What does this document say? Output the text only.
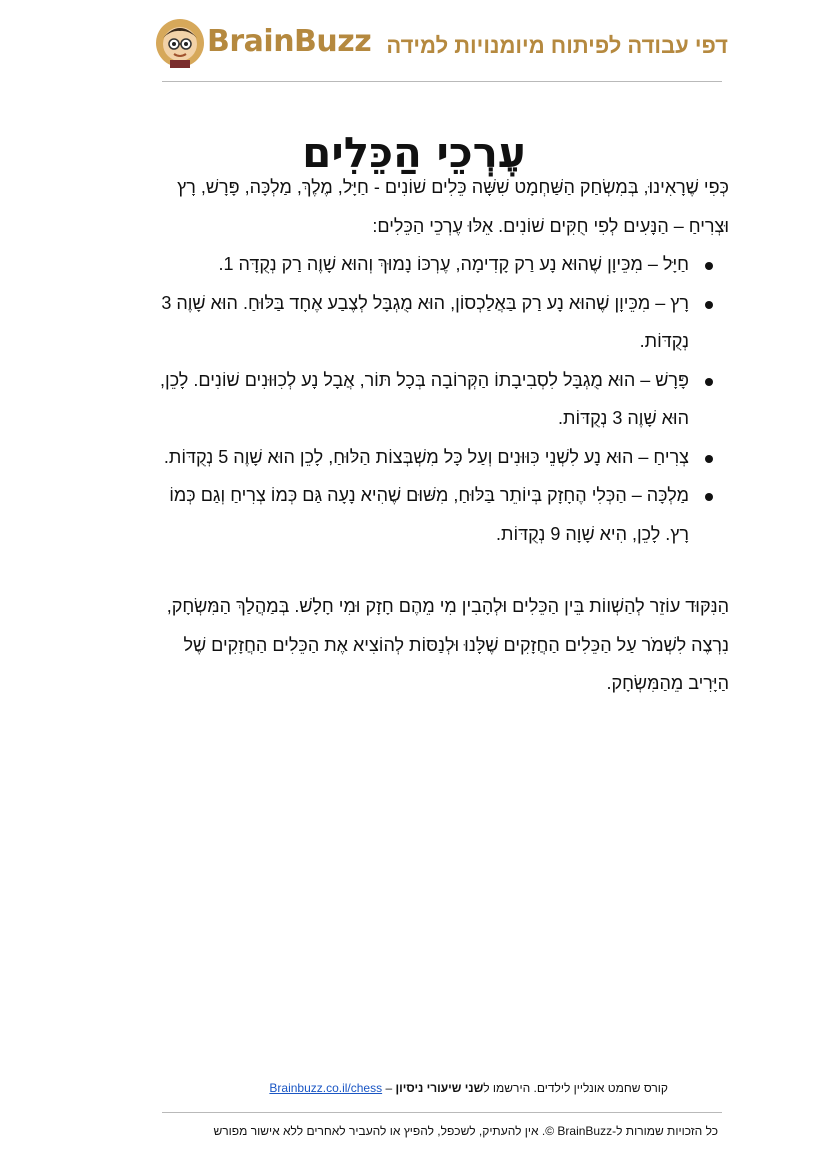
BrainBuzz דפי עבודה לפיתוח מיומנויות למידה
עֶרְכֵי הַכֵּלִים

כְּפִי שֶׁרָאִינוּ, בְּמִשְׂחַק הַשַּׁחְמָט שִׁשָּׁה כֵּלִים שׁוֹנִים - חַיָּל, מֶלֶךְ, מַלְכָּה, פָּרָשׁ, רָץ וּצְרִיחַ – הַנָּעִים לְפִי חֻקִּים שׁוֹנִים. אֵלּוּ עֶרְכֵי הַכֵּלִים:

חַיָּל – מִכֵּיוָן שֶׁהוּא נָע רַק קָדִימָה, עֶרְכּוֹ נָמוּךְ וְהוּא שָׁוֶה רַק נְקֻדָּה 1.
רָץ – מִכֵּיוָן שֶׁהוּא נָע רַק בַּאֲלַכְסוֹן, הוּא מֻגְבָּל לְצֶבַע אֶחָד בַּלּוּחַ. הוּא שָׁוֶה 3 נְקֻדּוֹת.
פָּרָשׁ – הוּא מֻגְבָּל לִסְבִיבָתוֹ הַקְּרוֹבָה בְּכָל תּוֹר, אֲבָל נָע לְכִוּוּנִים שׁוֹנִים. לָכֵן, הוּא שָׁוֶה 3 נְקֻדּוֹת.
צְרִיחַ – הוּא נָע לִשְׁנֵי כִּוּוּנִים וְעַל כָּל מִשְׁבְּצוֹת הַלּוּחַ, לָכֵן הוּא שָׁוֶה 5 נְקֻדּוֹת.
מַלְכָּה – הַכְּלִי הֶחָזָק בְּיוֹתֵר בַּלּוּחַ, מִשּׁוּם שֶׁהִיא נָעָה גַּם כְּמוֹ צְרִיחַ וְגַם כְּמוֹ רָץ. לָכֵן, הִיא שָׁוָה 9 נְקֻדּוֹת.

הַנִּקּוּד עוֹזֵר לְהַשְׁווֹת בֵּין הַכֵּלִים וּלְהָבִין מִי מֵהֶם חָזָק וּמִי חָלָשׁ. בְּמַהֲלַךְ הַמִּשְׂחָק, נִרְצֶה לִשְׁמֹר עַל הַכֵּלִים הַחֲזָקִים שֶׁלָּנוּ וּלְנַסּוֹת לְהוֹצִיא אֶת הַכֵּלִים הַחֲזָקִים שֶׁל הַיָּרִיב מֵהַמִּשְׂחָק.

קורס שחמט אונליין לילדים. הירשמו לשני שיעורי ניסיון – Brainbuzz.co.il/chess
כל הזכויות שמורות ל-BrainBuzz ©. אין להעתיק, לשכפל, להפיץ או להעביר לאחרים ללא אישור מפורש
